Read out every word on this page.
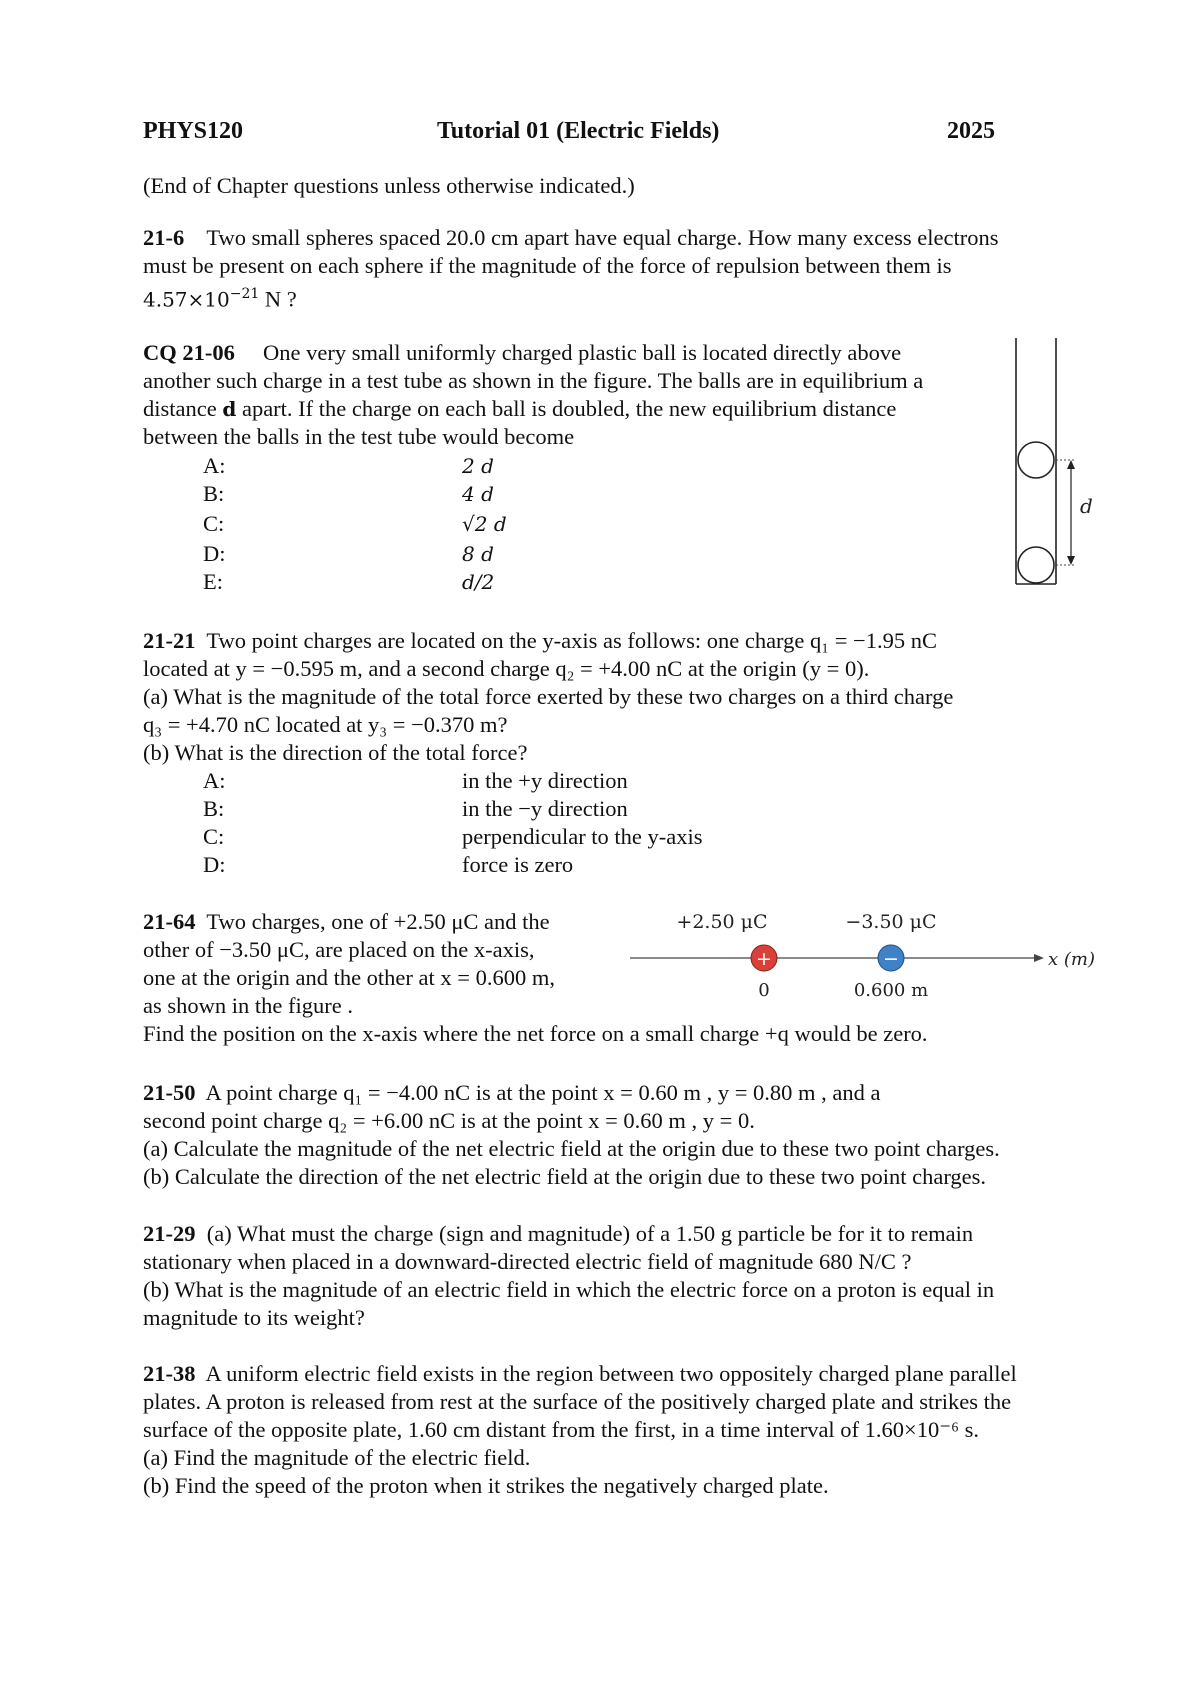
PHYS120	Tutorial 01 (Electric Fields)	2025
(End of Chapter questions unless otherwise indicated.)
21-6 Two small spheres spaced 20.0 cm apart have equal charge. How many excess electrons
must be present on each sphere if the magnitude of the force of repulsion between them is
$4.57\times 10^{-21}$ N ?
CQ 21-06 One very small uniformly charged plastic ball is located directly above
another such charge in a test tube as shown in the figure. The balls are in equilibrium a
distance d apart. If the charge on each ball is doubled, the new equilibrium distance
between the balls in the test tube would become
A:	2 d
B:	4 d
C:	√2 d
D:	8 d
E:	d/2
d
21-21 Two point charges are located on the y-axis as follows: one charge q₁ = −1.95 nC
located at y = −0.595 m, and a second charge q₂ = +4.00 nC at the origin (y = 0).
(a) What is the magnitude of the total force exerted by these two charges on a third charge
q₃ = +4.70 nC located at y₃ = −0.370 m?
(b) What is the direction of the total force?
A:	in the +y direction
B:	in the −y direction
C:	perpendicular to the y-axis
D:	force is zero
21-64 Two charges, one of +2.50 μC and the
other of −3.50 μC, are placed on the x-axis,
one at the origin and the other at x = 0.600 m,
as shown in the figure .
Find the position on the x-axis where the net force on a small charge +q would be zero.
+2.50 μC	−3.50 μC
x (m)
+	−
0	0.600 m
21-50 A point charge q₁ = −4.00 nC is at the point x = 0.60 m , y = 0.80 m , and a
second point charge q₂ = +6.00 nC is at the point x = 0.60 m , y = 0.
(a) Calculate the magnitude of the net electric field at the origin due to these two point charges.
(b) Calculate the direction of the net electric field at the origin due to these two point charges.
21-29 (a) What must the charge (sign and magnitude) of a 1.50 g particle be for it to remain
stationary when placed in a downward-directed electric field of magnitude 680 N/C ?
(b) What is the magnitude of an electric field in which the electric force on a proton is equal in
magnitude to its weight?
21-38 A uniform electric field exists in the region between two oppositely charged plane parallel
plates. A proton is released from rest at the surface of the positively charged plate and strikes the
surface of the opposite plate, 1.60 cm distant from the first, in a time interval of 1.60×10⁻⁶ s.
(a) Find the magnitude of the electric field.
(b) Find the speed of the proton when it strikes the negatively charged plate.
